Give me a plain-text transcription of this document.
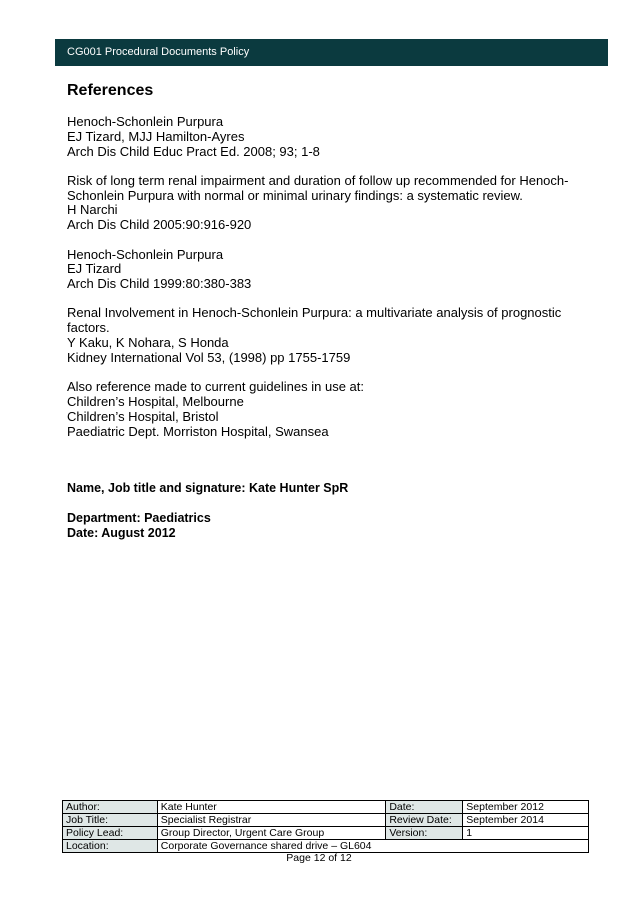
CG001 Procedural Documents Policy
References
Henoch-Schonlein Purpura
EJ Tizard, MJJ Hamilton-Ayres
Arch Dis Child Educ Pract Ed. 2008; 93; 1-8
Risk of long term renal impairment and duration of follow up recommended for Henoch-
Schonlein Purpura with normal or minimal urinary findings: a systematic review.
H Narchi
Arch Dis Child 2005:90:916-920
Henoch-Schonlein Purpura
EJ Tizard
Arch Dis Child 1999:80:380-383
Renal Involvement in Henoch-Schonlein Purpura: a multivariate analysis of prognostic
factors.
Y Kaku, K Nohara, S Honda
Kidney International Vol 53, (1998) pp 1755-1759
Also reference made to current guidelines in use at:
Children’s Hospital, Melbourne
Children’s Hospital, Bristol
Paediatric Dept. Morriston Hospital, Swansea
Name, Job title and signature: Kate Hunter SpR
Department: Paediatrics
Date: August 2012
Author:	Kate Hunter	Date:	September 2012
Job Title:	Specialist Registrar	Review Date:	September 2014
Policy Lead:	Group Director, Urgent Care Group	Version:	1
Location:	Corporate Governance shared drive – GL604		
Page 12 of 12
